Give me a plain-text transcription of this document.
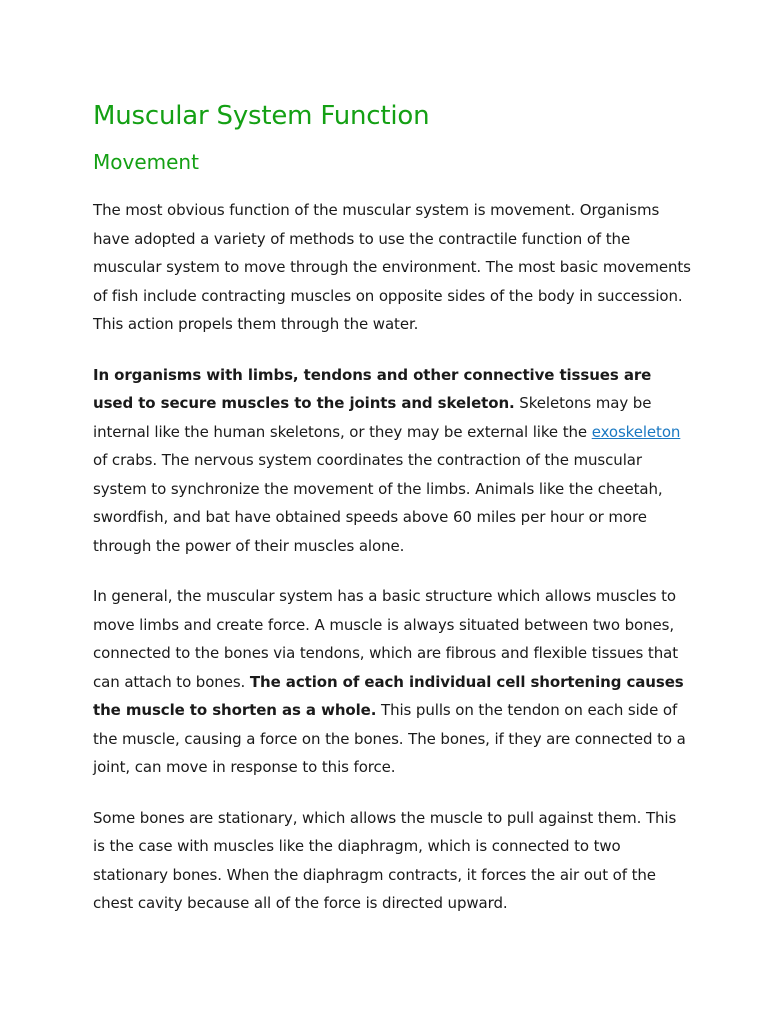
Muscular System Function
Movement

The most obvious function of the muscular system is movement. Organisms have adopted a variety of methods to use the contractile function of the muscular system to move through the environment. The most basic movements of fish include contracting muscles on opposite sides of the body in succession. This action propels them through the water.

In organisms with limbs, tendons and other connective tissues are used to secure muscles to the joints and skeleton. Skeletons may be internal like the human skeletons, or they may be external like the exoskeleton of crabs. The nervous system coordinates the contraction of the muscular system to synchronize the movement of the limbs. Animals like the cheetah, swordfish, and bat have obtained speeds above 60 miles per hour or more through the power of their muscles alone.

In general, the muscular system has a basic structure which allows muscles to move limbs and create force. A muscle is always situated between two bones, connected to the bones via tendons, which are fibrous and flexible tissues that can attach to bones. The action of each individual cell shortening causes the muscle to shorten as a whole. This pulls on the tendon on each side of the muscle, causing a force on the bones. The bones, if they are connected to a joint, can move in response to this force.

Some bones are stationary, which allows the muscle to pull against them. This is the case with muscles like the diaphragm, which is connected to two stationary bones. When the diaphragm contracts, it forces the air out of the chest cavity because all of the force is directed upward.
